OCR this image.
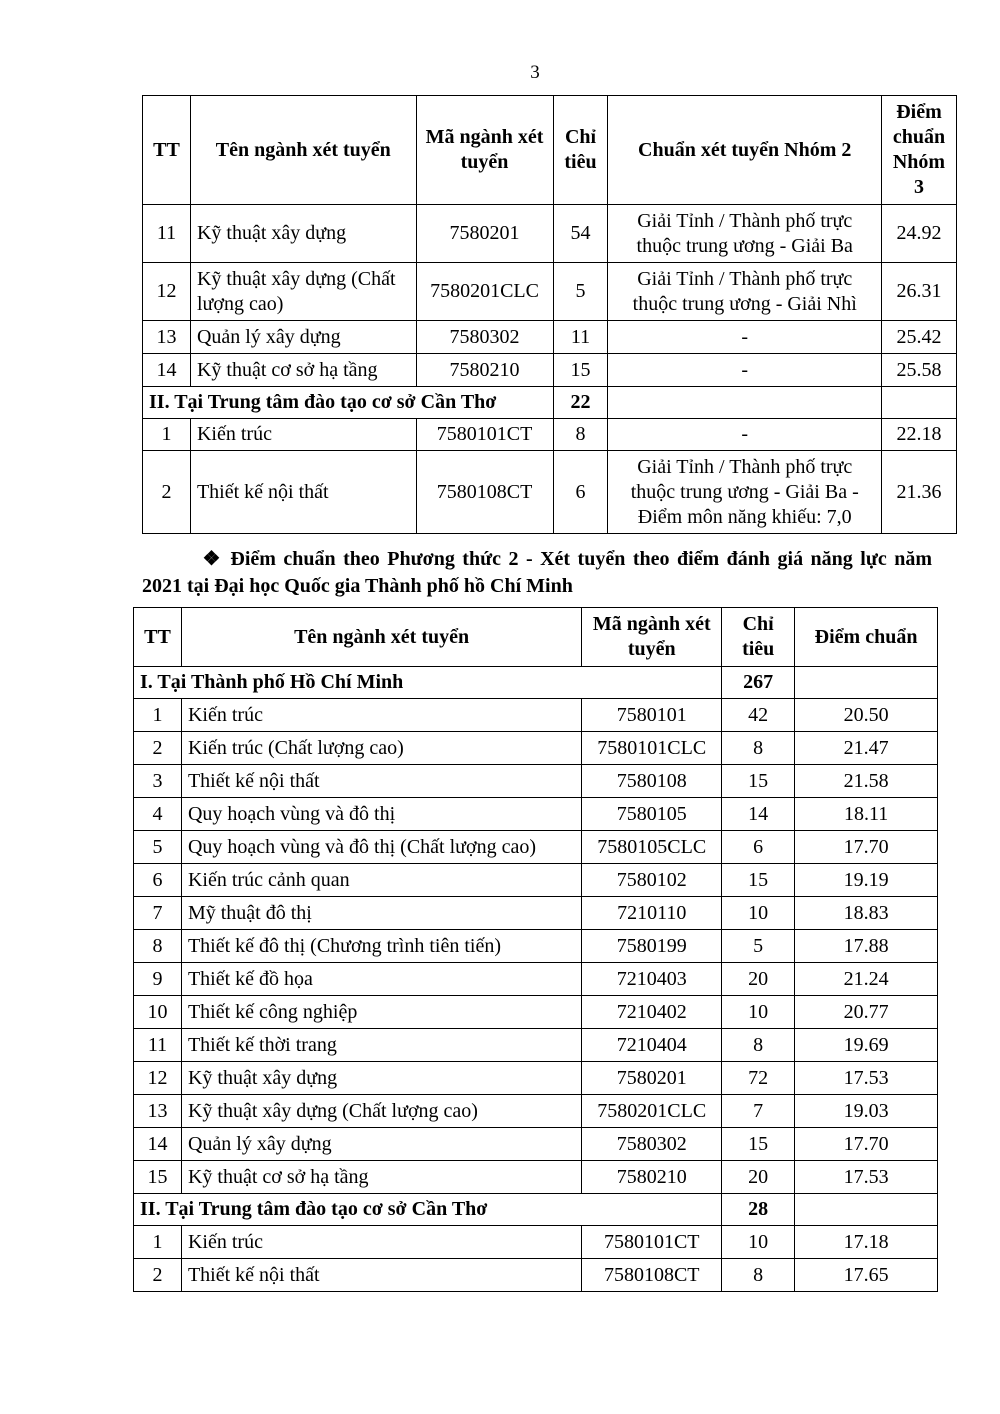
3
TT	Tên ngành xét tuyển	Mã ngành xét tuyển	Chỉ tiêu	Chuẩn xét tuyển Nhóm 2	Điểm chuẩn Nhóm 3
11	Kỹ thuật xây dựng	7580201	54	Giải Tỉnh / Thành phố trực thuộc trung ương - Giải Ba	24.92
12	Kỹ thuật xây dựng (Chất lượng cao)	7580201CLC	5	Giải Tỉnh / Thành phố trực thuộc trung ương - Giải Nhì	26.31
13	Quản lý xây dựng	7580302	11	-	25.42
14	Kỹ thuật cơ sở hạ tầng	7580210	15	-	25.58
II. Tại Trung tâm đào tạo cơ sở Cần Thơ			22		
1	Kiến trúc	7580101CT	8	-	22.18
2	Thiết kế nội thất	7580108CT	6	Giải Tỉnh / Thành phố trực thuộc trung ương - Giải Ba - Điểm môn năng khiếu: 7,0	21.36
❖ Điểm chuẩn theo Phương thức 2 - Xét tuyển theo điểm đánh giá năng lực năm 2021 tại Đại học Quốc gia Thành phố hồ Chí Minh
TT	Tên ngành xét tuyển	Mã ngành xét tuyển	Chỉ tiêu	Điểm chuẩn
I. Tại Thành phố Hồ Chí Minh			267	
1	Kiến trúc	7580101	42	20.50
2	Kiến trúc (Chất lượng cao)	7580101CLC	8	21.47
3	Thiết kế nội thất	7580108	15	21.58
4	Quy hoạch vùng và đô thị	7580105	14	18.11
5	Quy hoạch vùng và đô thị (Chất lượng cao)	7580105CLC	6	17.70
6	Kiến trúc cảnh quan	7580102	15	19.19
7	Mỹ thuật đô thị	7210110	10	18.83
8	Thiết kế đô thị (Chương trình tiên tiến)	7580199	5	17.88
9	Thiết kế đồ họa	7210403	20	21.24
10	Thiết kế công nghiệp	7210402	10	20.77
11	Thiết kế thời trang	7210404	8	19.69
12	Kỹ thuật xây dựng	7580201	72	17.53
13	Kỹ thuật xây dựng (Chất lượng cao)	7580201CLC	7	19.03
14	Quản lý xây dựng	7580302	15	17.70
15	Kỹ thuật cơ sở hạ tầng	7580210	20	17.53
II. Tại Trung tâm đào tạo cơ sở Cần Thơ			28	
1	Kiến trúc	7580101CT	10	17.18
2	Thiết kế nội thất	7580108CT	8	17.65
